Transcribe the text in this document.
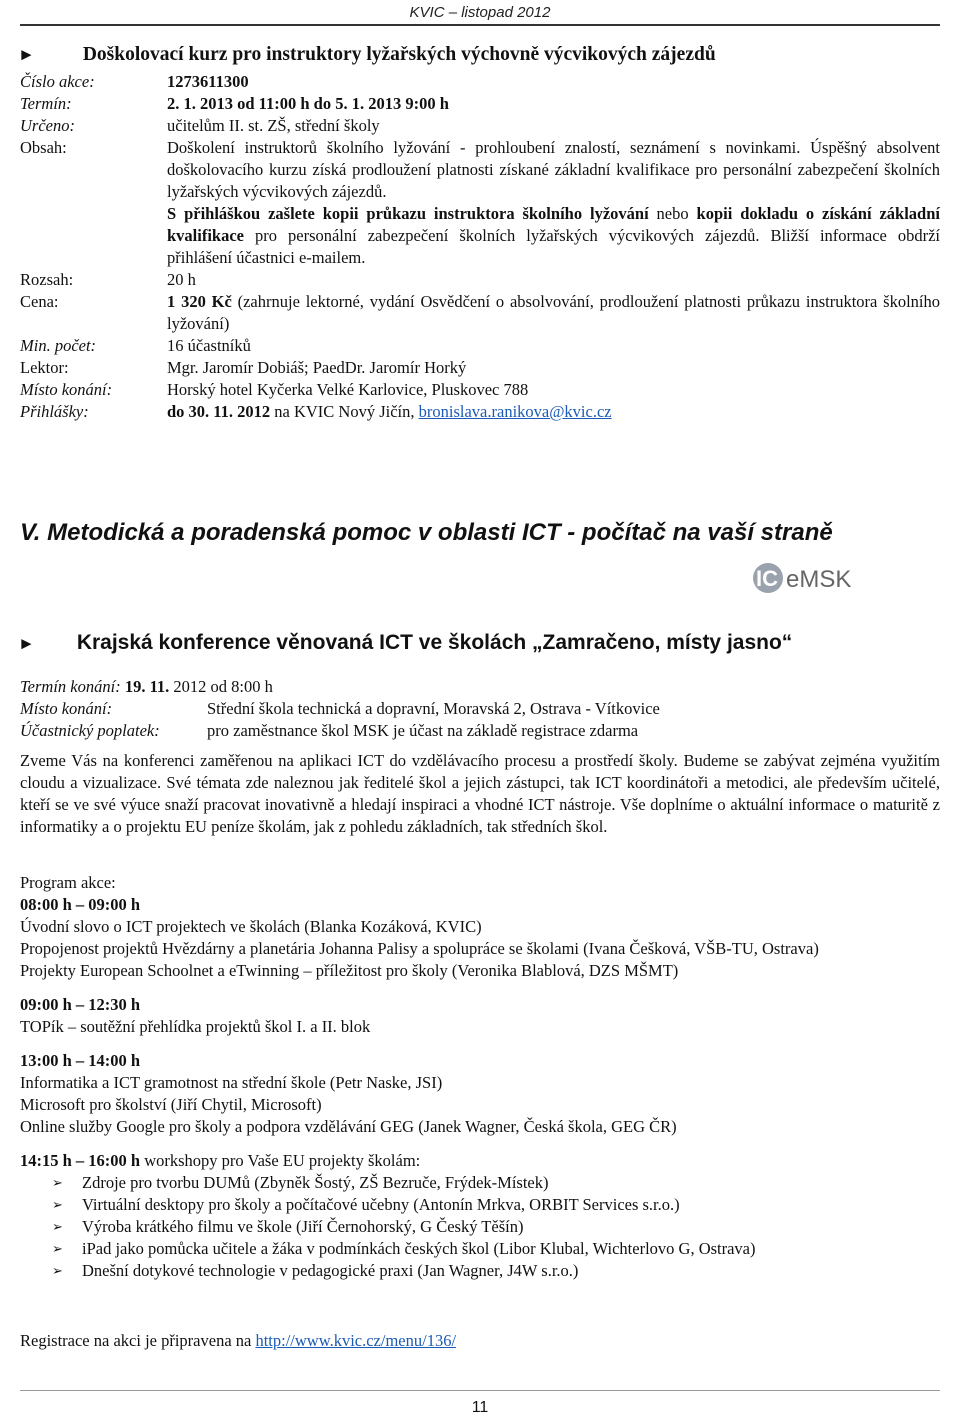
KVIC – listopad 2012
► Doškolovací kurz pro instruktory lyžařských výchovně výcvikových zájezdů
Číslo akce:	1273611300
Termín:	2. 1. 2013 od 11:00 h do 5. 1. 2013 9:00 h
Určeno:	učitelům II. st. ZŠ, střední školy
Obsah:	Doškolení instruktorů školního lyžování - prohloubení znalostí, seznámení s novinkami. Úspěšný absolvent doškolovacího kurzu získá prodloužení platnosti získané základní kvalifikace pro personální zabezpečení školních lyžařských výcvikových zájezdů.
S přihláškou zašlete kopii průkazu instruktora školního lyžování nebo kopii dokladu o získání základní kvalifikace pro personální zabezpečení školních lyžařských výcvikových zájezdů. Bližší informace obdrží přihlášení účastnici e-mailem.
Rozsah:	20 h
Cena:	1 320 Kč (zahrnuje lektorné, vydání Osvědčení o absolvování, prodloužení platnosti průkazu instruktora školního lyžování)
Min. počet:	16 účastníků
Lektor:	Mgr. Jaromír Dobiáš; PaedDr. Jaromír Horký
Místo konání:	Horský hotel Kyčerka Velké Karlovice, Pluskovec 788
Přihlášky:	do 30. 11. 2012 na KVIC Nový Jičín, bronislava.ranikova@kvic.cz
V. Metodická a poradenská pomoc v oblasti ICT - počítač na vaší straně
IC eMSK
► Krajská konference věnovaná ICT ve školách „Zamračeno, místy jasno“
Termín konání: 19. 11. 2012 od 8:00 h
Místo konání:	Střední škola technická a dopravní, Moravská 2, Ostrava - Vítkovice
Účastnický poplatek:	pro zaměstnance škol MSK je účast na základě registrace zdarma
Zveme Vás na konferenci zaměřenou na aplikaci ICT do vzdělávacího procesu a prostředí školy. Budeme se zabývat zejména využitím cloudu a vizualizace. Své témata zde naleznou jak ředitelé škol a jejich zástupci, tak ICT koordinátoři a metodici, ale především učitelé, kteří se ve své výuce snaží pracovat inovativně a hledají inspiraci a vhodné ICT nástroje. Vše doplníme o aktuální informace o maturitě z informatiky a o projektu EU peníze školám, jak z pohledu základních, tak středních škol.

Program akce:

08:00 h – 09:00 h

Úvodní slovo o ICT projektech ve školách (Blanka Kozáková, KVIC)

Propojenost projektů Hvězdárny a planetária Johanna Palisy a spolupráce se školami (Ivana Češková, VŠB-TU, Ostrava)

Projekty European Schoolnet a eTwinning – příležitost pro školy (Veronika Blablová, DZS MŠMT)

09:00 h – 12:30 h

TOPík – soutěžní přehlídka projektů škol I. a II. blok

13:00 h – 14:00 h

Informatika a ICT gramotnost na střední škole (Petr Naske, JSI)

Microsoft pro školství (Jiří Chytil, Microsoft)

Online služby Google pro školy a podpora vzdělávání GEG (Janek Wagner, Česká škola, GEG ČR)

14:15 h – 16:00 h workshopy pro Vaše EU projekty školám:

➢ Zdroje pro tvorbu DUMů (Zbyněk Šostý, ZŠ Bezruče, Frýdek-Místek)
➢ Virtuální desktopy pro školy a počítačové učebny (Antonín Mrkva, ORBIT Services s.r.o.)
➢ Výroba krátkého filmu ve škole (Jiří Černohorský, G Český Těšín)
➢ iPad jako pomůcka učitele a žáka v podmínkách českých škol (Libor Klubal, Wichterlovo G, Ostrava)
➢ Dnešní dotykové technologie v pedagogické praxi (Jan Wagner, J4W s.r.o.)
Registrace na akci je připravena na http://www.kvic.cz/menu/136/
11
